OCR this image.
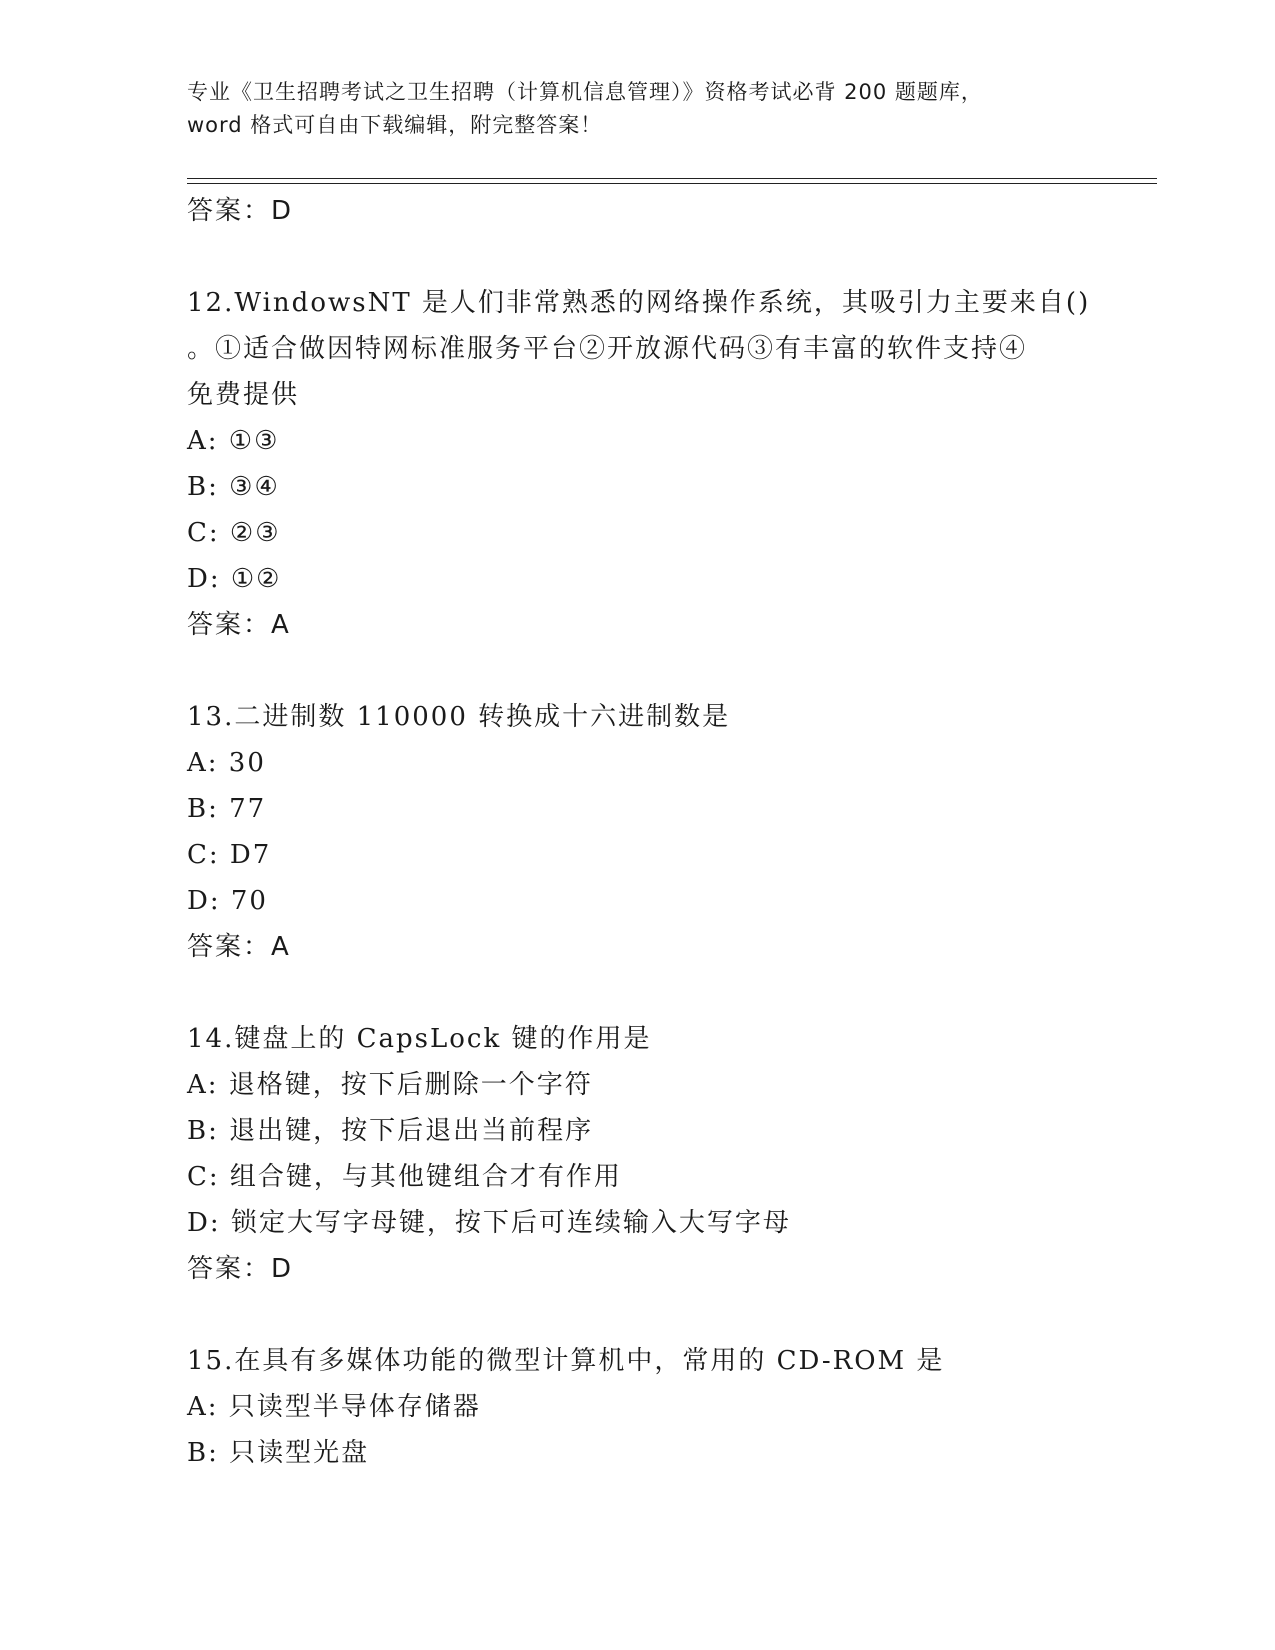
专业《卫生招聘考试之卫生招聘（计算机信息管理）》资格考试必背 200 题题库，
word 格式可自由下载编辑，附完整答案！
答案：D
12.WindowsNT 是人们非常熟悉的网络操作系统，其吸引力主要来自()
。①适合做因特网标准服务平台②开放源代码③有丰富的软件支持④
免费提供
A: ①③
B: ③④
C: ②③
D: ①②
答案：A
13.二进制数 110000 转换成十六进制数是
A: 30
B: 77
C: D7
D: 70
答案：A
14.键盘上的 CapsLock 键的作用是
A: 退格键，按下后删除一个字符
B: 退出键，按下后退出当前程序
C: 组合键，与其他键组合才有作用
D: 锁定大写字母键，按下后可连续输入大写字母
答案：D
15.在具有多媒体功能的微型计算机中，常用的 CD-ROM 是
A: 只读型半导体存储器
B: 只读型光盘
